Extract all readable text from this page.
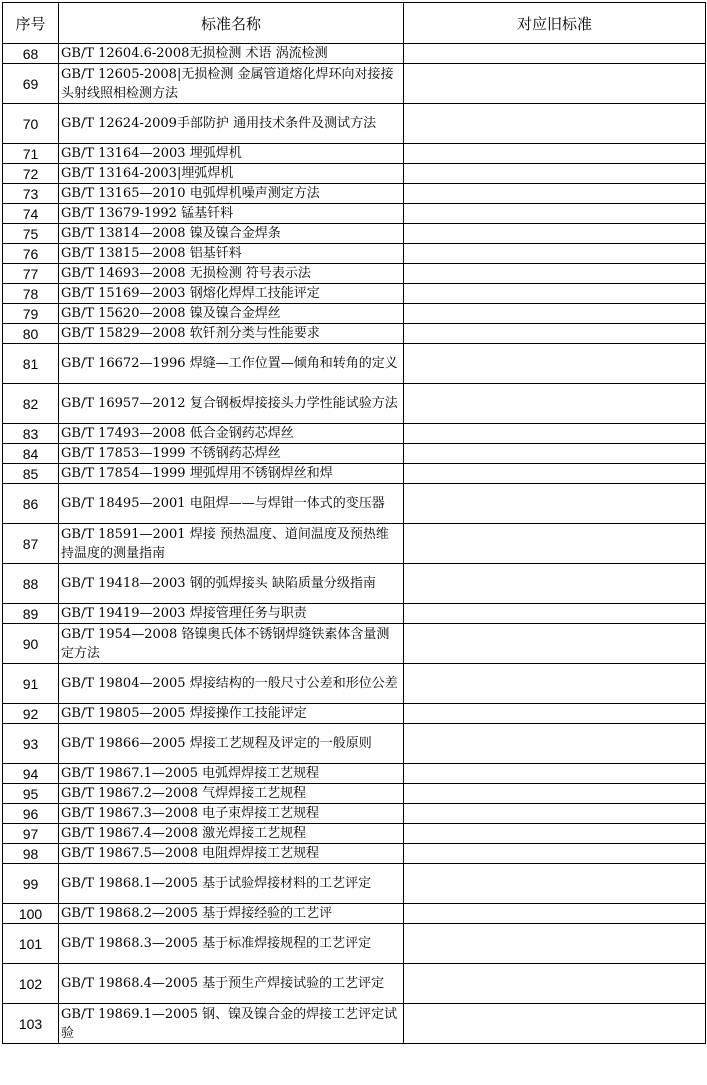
序号	标准名称	对应旧标准
68	GB/T 12604.6-2008无损检测 术语 涡流检测	
69	GB/T 12605-2008|无损检测 金属管道熔化焊环向对接接头射线照相检测方法	
70	GB/T 12624-2009手部防护 通用技术条件及测试方法	
71	GB/T 13164—2003 埋弧焊机	
72	GB/T 13164-2003|埋弧焊机	
73	GB/T 13165—2010 电弧焊机噪声测定方法	
74	GB/T 13679-1992 锰基钎料	
75	GB/T 13814—2008 镍及镍合金焊条	
76	GB/T 13815—2008 铝基钎料	
77	GB/T 14693—2008 无损检测 符号表示法	
78	GB/T 15169—2003 钢熔化焊焊工技能评定	
79	GB/T 15620—2008 镍及镍合金焊丝	
80	GB/T 15829—2008 软钎剂分类与性能要求	
81	GB/T 16672—1996 焊缝—工作位置—倾角和转角的定义	
82	GB/T 16957—2012 复合钢板焊接接头力学性能试验方法	
83	GB/T 17493—2008 低合金钢药芯焊丝	
84	GB/T 17853—1999 不锈钢药芯焊丝	
85	GB/T 17854—1999 埋弧焊用不锈钢焊丝和焊	
86	GB/T 18495—2001 电阻焊——与焊钳一体式的变压器	
87	GB/T 18591—2001 焊接 预热温度、道间温度及预热维持温度的测量指南	
88	GB/T 19418—2003 钢的弧焊接头 缺陷质量分级指南	
89	GB/T 19419—2003 焊接管理任务与职责	
90	GB/T 1954—2008 铬镍奥氏体不锈钢焊缝铁素体含量测定方法	
91	GB/T 19804—2005 焊接结构的一般尺寸公差和形位公差	
92	GB/T 19805—2005 焊接操作工技能评定	
93	GB/T 19866—2005 焊接工艺规程及评定的一般原则	
94	GB/T 19867.1—2005 电弧焊焊接工艺规程	
95	GB/T 19867.2—2008 气焊焊接工艺规程	
96	GB/T 19867.3—2008 电子束焊接工艺规程	
97	GB/T 19867.4—2008 激光焊接工艺规程	
98	GB/T 19867.5—2008 电阻焊焊接工艺规程	
99	GB/T 19868.1—2005 基于试验焊接材料的工艺评定	
100	GB/T 19868.2—2005 基于焊接经验的工艺评	
101	GB/T 19868.3—2005 基于标准焊接规程的工艺评定	
102	GB/T 19868.4—2005 基于预生产焊接试验的工艺评定	
103	GB/T 19869.1—2005 钢、镍及镍合金的焊接工艺评定试验	
